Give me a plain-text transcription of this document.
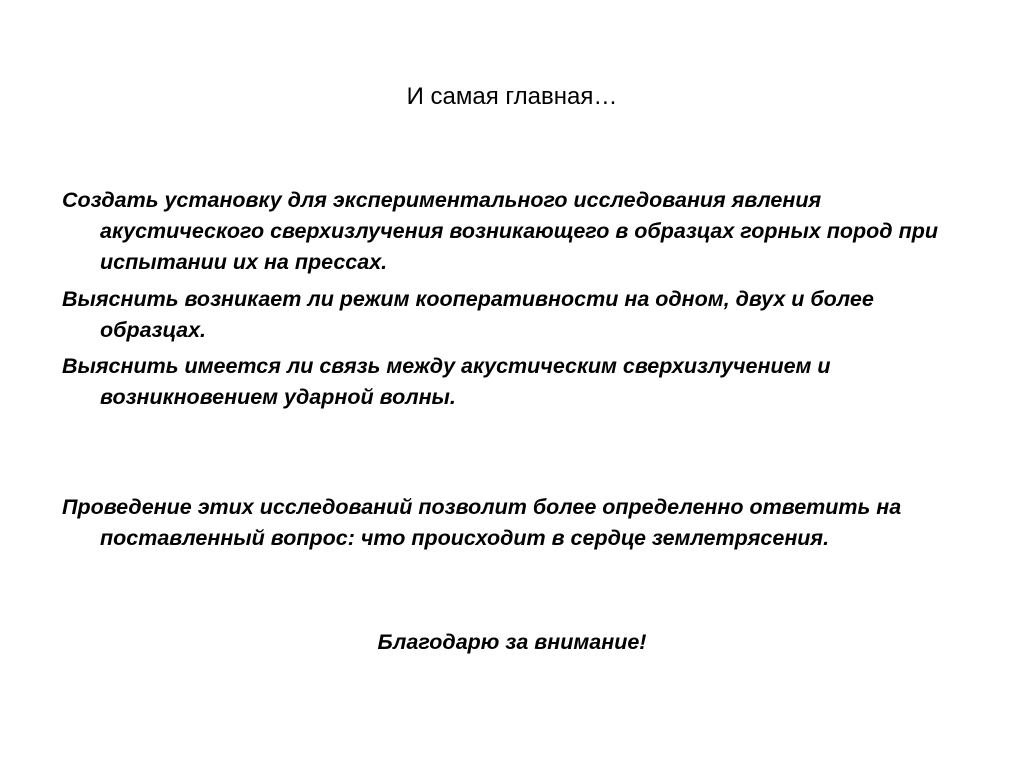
И самая главная…
Создать установку для экспериментального исследования явления акустического сверхизлучения возникающего в образцах горных пород при испытании их на прессах.
Выяснить возникает ли режим кооперативности на одном, двух и более образцах.
Выяснить имеется ли связь между акустическим сверхизлучением и возникновением ударной волны.
Проведение этих исследований позволит более определенно ответить на поставленный вопрос: что происходит в сердце землетрясения.
Благодарю за внимание!
